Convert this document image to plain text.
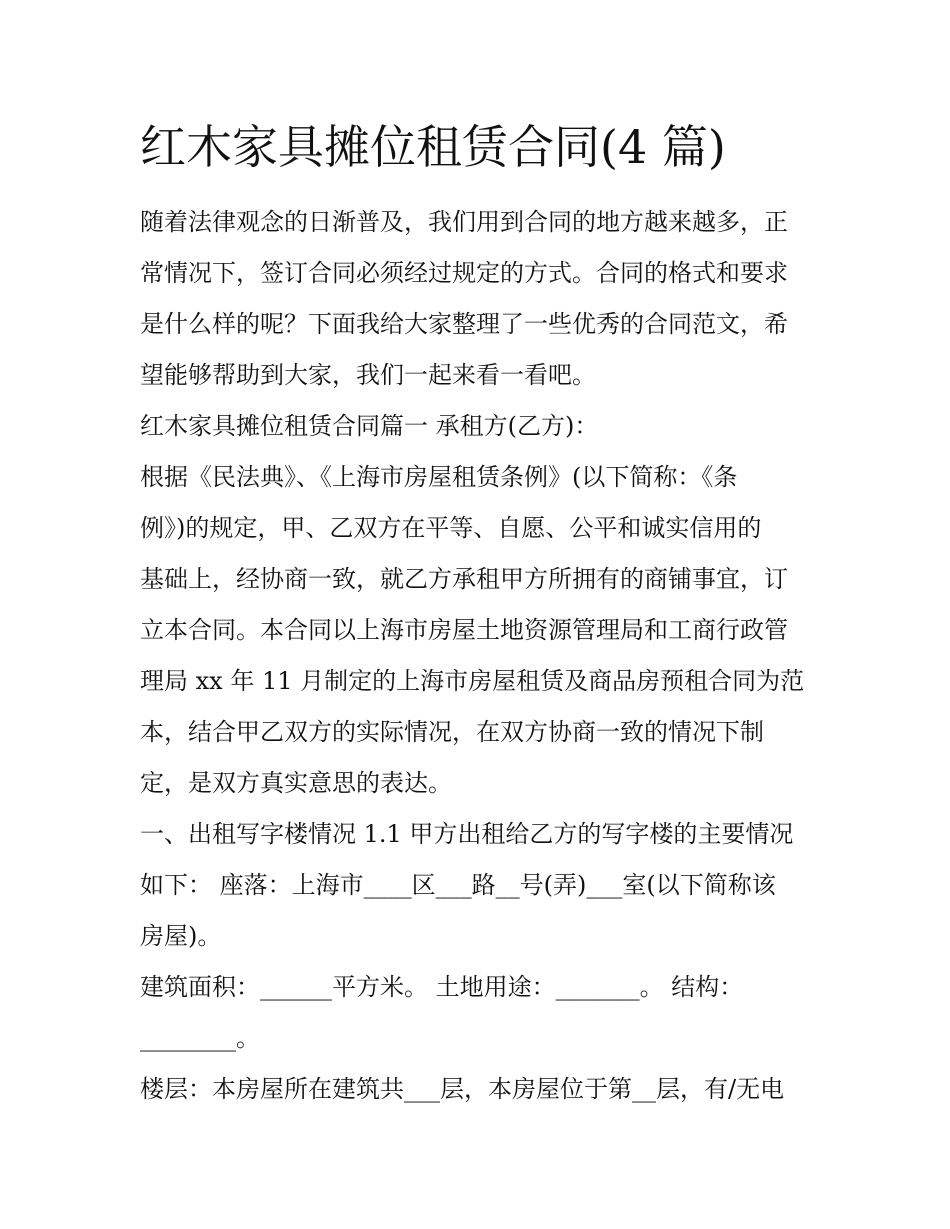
红木家具摊位租赁合同(4 篇)
随着法律观念的日渐普及，我们用到合同的地方越来越多，正
常情况下，签订合同必须经过规定的方式。合同的格式和要求
是什么样的呢？下面我给大家整理了一些优秀的合同范文，希
望能够帮助到大家，我们一起来看一看吧。
红木家具摊位租赁合同篇一 承租方(乙方)：
根据《民法典》、《上海市房屋租赁条例》(以下简称：《条
例》)的规定，甲、乙双方在平等、自愿、公平和诚实信用的
基础上，经协商一致，就乙方承租甲方所拥有的商铺事宜，订
立本合同。本合同以上海市房屋土地资源管理局和工商行政管
理局 xx 年 11 月制定的上海市房屋租赁及商品房预租合同为范
本，结合甲乙双方的实际情况，在双方协商一致的情况下制
定，是双方真实意思的表达。
一、出租写字楼情况 1.1 甲方出租给乙方的写字楼的主要情况
如下： 座落：上海市____区___路__号(弄)___室(以下简称该
房屋)。
建筑面积：______平方米。 土地用途：_______。 结构：
________。
楼层：本房屋所在建筑共___层，本房屋位于第__层，有/无电
